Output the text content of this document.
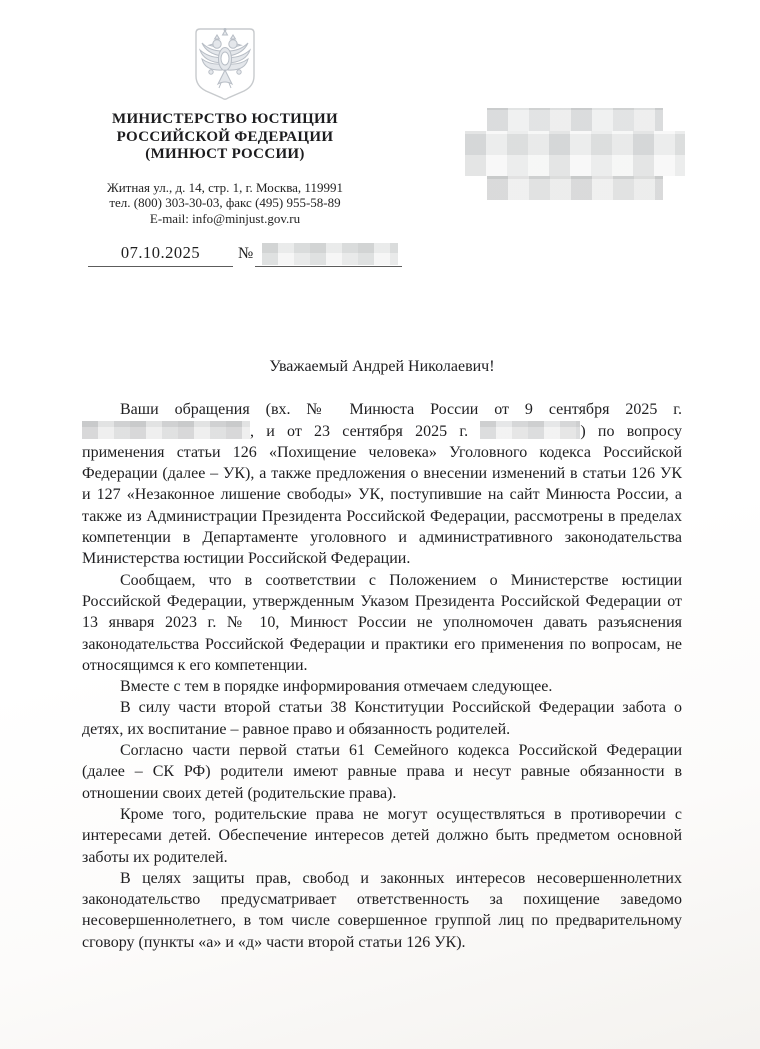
МИНИСТЕРСТВО ЮСТИЦИИ
РОССИЙСКОЙ ФЕДЕРАЦИИ
(МИНЮСТ РОССИИ)
Житная ул., д. 14, стр. 1, г. Москва, 119991
тел. (800) 303-30-03, факс (495) 955-58-89
E-mail: info@minjust.gov.ru
07.10.2025	№
Уважаемый Андрей Николаевич!

Ваши обращения (вх. № Минюста России от 9 сентября 2025 г. , и от 23 сентября 2025 г.	) по вопросу применения статьи 126 «Похищение человека» Уголовного кодекса Российской Федерации (далее – УК), а также предложения о внесении изменений в статьи 126 УК и 127 «Незаконное лишение свободы» УК, поступившие на сайт Минюста России, а также из Администрации Президента Российской Федерации, рассмотрены в пределах компетенции в Департаменте уголовного и административного законодательства Министерства юстиции Российской Федерации.

Сообщаем, что в соответствии с Положением о Министерстве юстиции Российской Федерации, утвержденным Указом Президента Российской Федерации от 13 января 2023 г. № 10, Минюст России не уполномочен давать разъяснения законодательства Российской Федерации и практики его применения по вопросам, не относящимся к его компетенции.

Вместе с тем в порядке информирования отмечаем следующее.

В силу части второй статьи 38 Конституции Российской Федерации забота о детях, их воспитание – равное право и обязанность родителей.

Согласно части первой статьи 61 Семейного кодекса Российской Федерации (далее – СК РФ) родители имеют равные права и несут равные обязанности в отношении своих детей (родительские права).

Кроме того, родительские права не могут осуществляться в противоречии с интересами детей. Обеспечение интересов детей должно быть предметом основной заботы их родителей.

В целях защиты прав, свобод и законных интересов несовершеннолетних законодательство предусматривает ответственность за похищение заведомо несовершеннолетнего, в том числе совершенное группой лиц по предварительному сговору (пункты «а» и «д» части второй статьи 126 УК).
